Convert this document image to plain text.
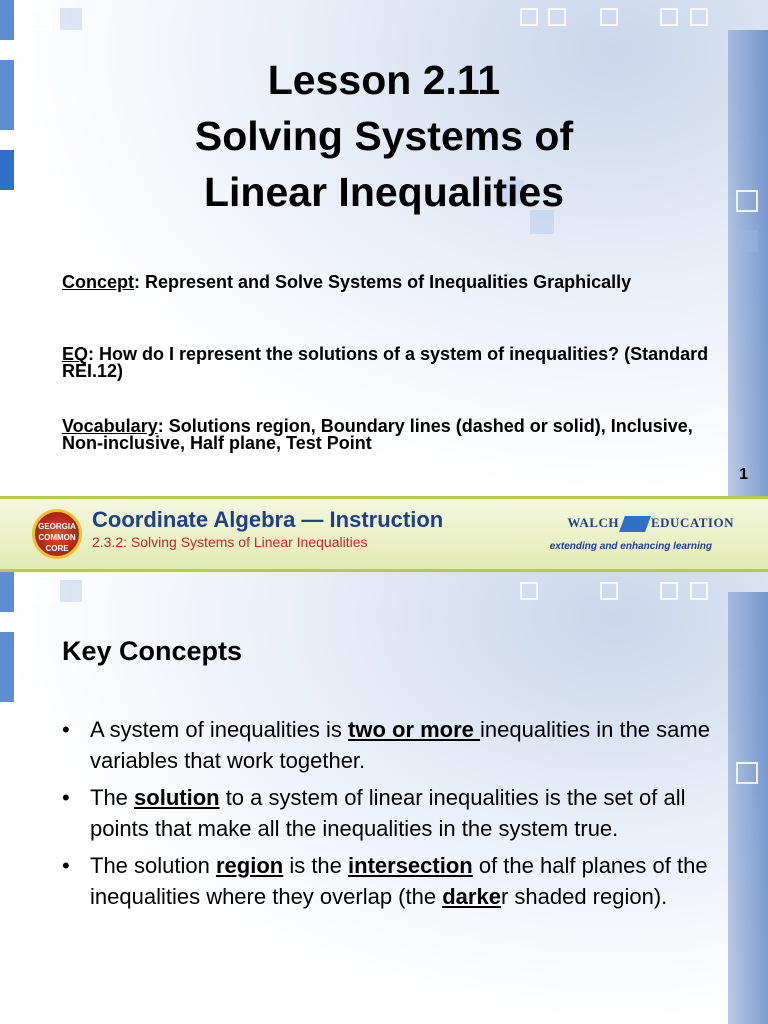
Lesson 2.11
Solving Systems of
Linear Inequalities
Concept: Represent and Solve Systems of Inequalities Graphically
EQ: How do I represent the solutions of a system of inequalities? (Standard REI.12)
Vocabulary: Solutions region, Boundary lines (dashed or solid), Inclusive, Non-inclusive, Half plane, Test Point
1
GEORGIA COMMON CORE
Coordinate Algebra — Instruction
2.3.2: Solving Systems of Linear Inequalities
WALCH EDUCATION
extending and enhancing learning
Key Concepts
• A system of inequalities is two or more inequalities in the same variables that work together.
• The solution to a system of linear inequalities is the set of all points that make all the inequalities in the system true.
• The solution region is the intersection of the half planes of the inequalities where they overlap (the darker shaded region).
